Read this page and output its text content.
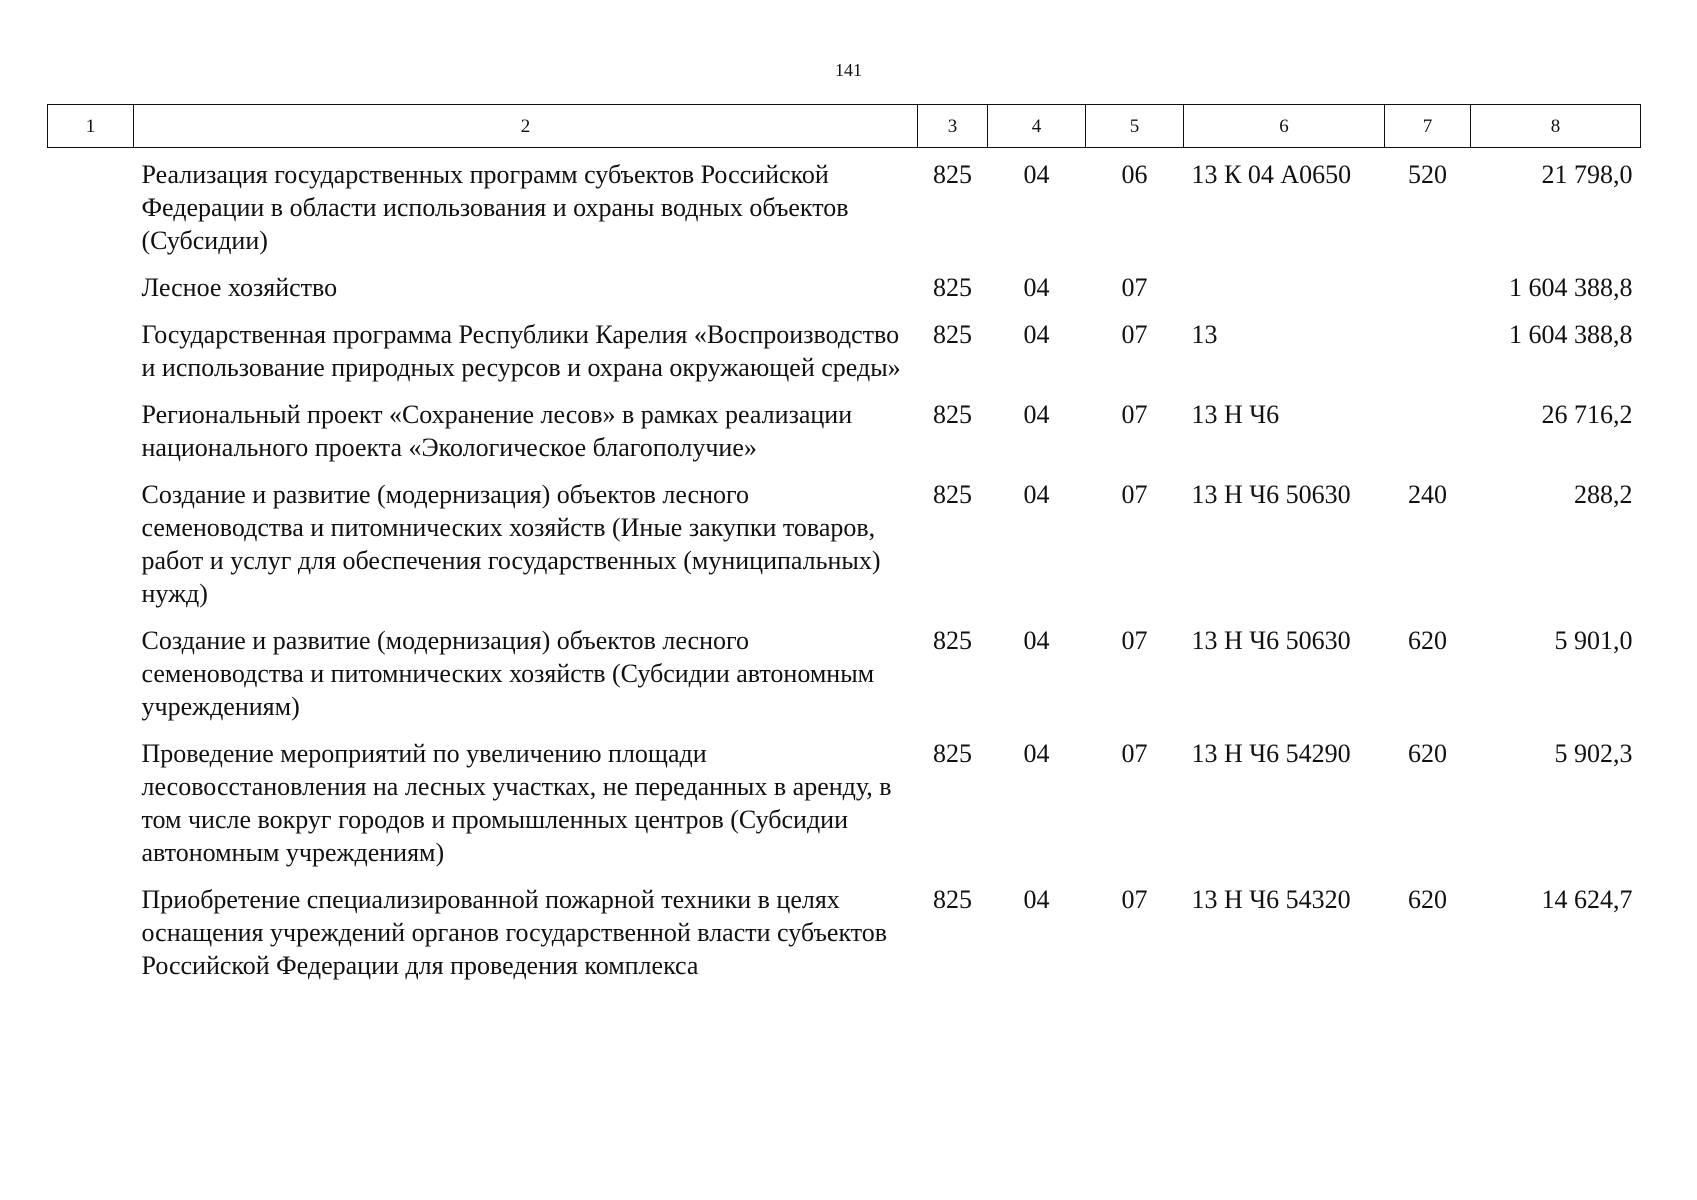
141
1	2	3	4	5	6	7	8
	Реализация государственных программ субъектов Российской Федерации в области использования и охраны водных объектов (Субсидии)	825	04	06	13 К 04 А0650	520	21 798,0
	Лесное хозяйство	825	04	07			1 604 388,8
	Государственная программа Республики Карелия «Воспроизводство и использование природных ресурсов и охрана окружающей среды»	825	04	07	13		1 604 388,8
	Региональный проект «Сохранение лесов» в рамках реализации национального проекта «Экологическое благополучие»	825	04	07	13 Н Ч6		26 716,2
	Создание и развитие (модернизация) объектов лесного семеноводства и питомнических хозяйств (Иные закупки товаров, работ и услуг для обеспечения государственных (муниципальных) нужд)	825	04	07	13 Н Ч6 50630	240	288,2
	Создание и развитие (модернизация) объектов лесного семеноводства и питомнических хозяйств (Субсидии автономным учреждениям)	825	04	07	13 Н Ч6 50630	620	5 901,0
	Проведение мероприятий по увеличению площади лесовосстановления на лесных участках, не переданных в аренду, в том числе вокруг городов и промышленных центров (Субсидии автономным учреждениям)	825	04	07	13 Н Ч6 54290	620	5 902,3
	Приобретение специализированной пожарной техники в целях оснащения учреждений органов государственной власти субъектов Российской Федерации для проведения комплекса	825	04	07	13 Н Ч6 54320	620	14 624,7
